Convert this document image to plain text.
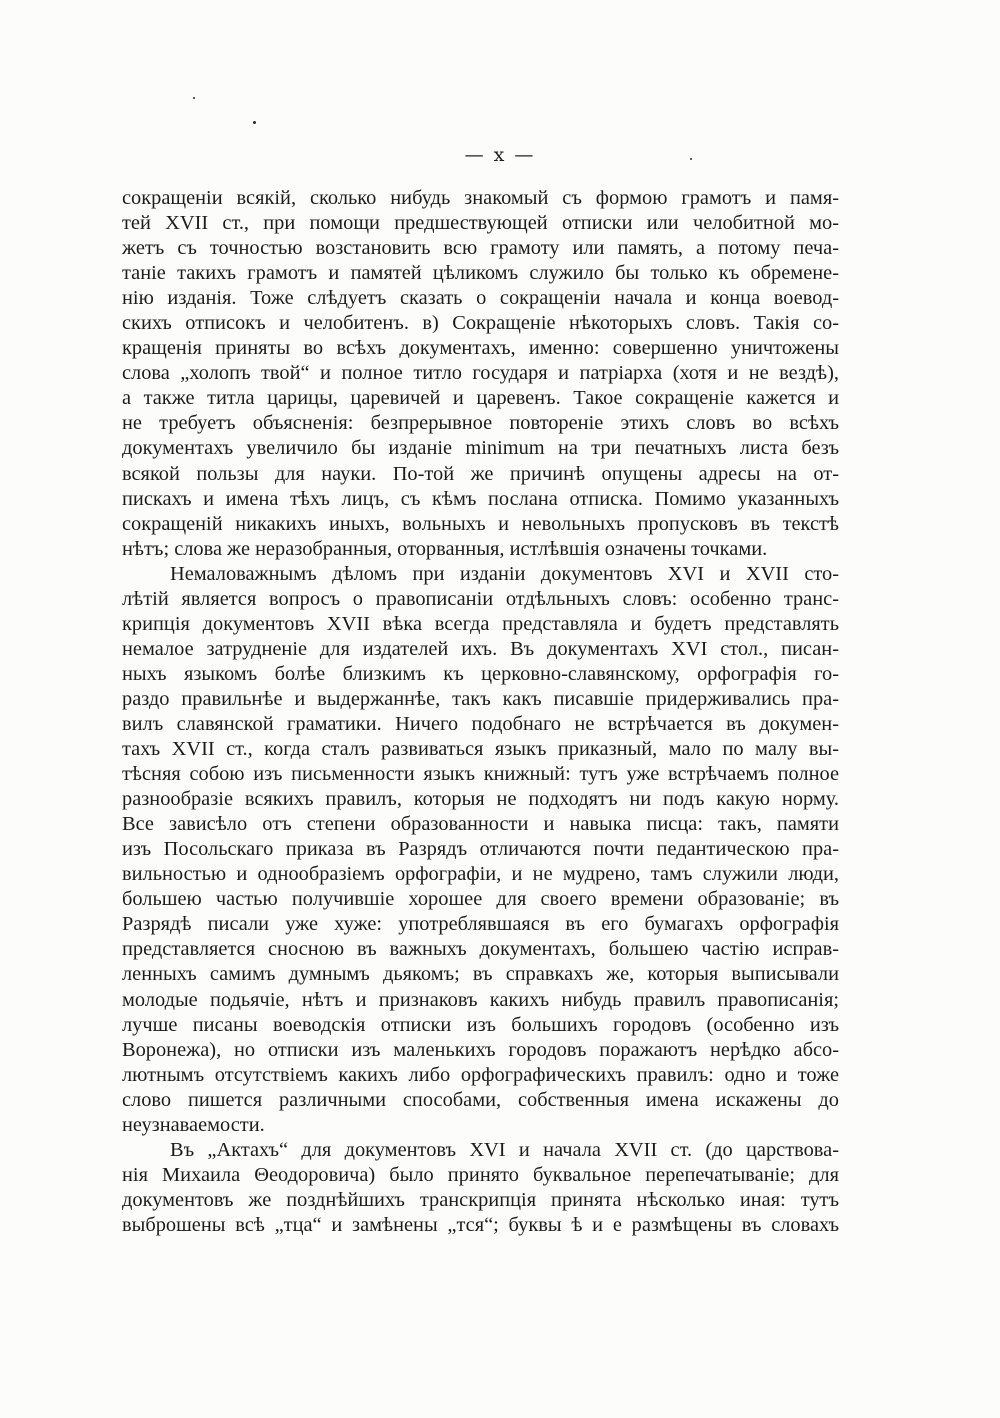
— x —

сокращеніи всякій, сколько нибудь знакомый съ формою грамотъ и памя-

тей XVII ст., при помощи предшествующей отписки или челобитной мо-

жетъ съ точностью возстановить всю грамоту или память, а потому печа-

таніе такихъ грамотъ и памятей цѣликомъ служило бы только къ обремене-

нію изданія. Тоже слѣдуетъ сказать о сокращеніи начала и конца воевод-

скихъ отписокъ и челобитенъ. в) Сокращеніе нѣкоторыхъ словъ. Такія со-

кращенія приняты во всѣхъ документахъ, именно: совершенно уничтожены

слова „холопъ твой“ и полное титло государя и патріарха (хотя и не вездѣ),

а также титла царицы, царевичей и царевенъ. Такое сокращеніе кажется и

не требуетъ объясненія: безпрерывное повтореніе этихъ словъ во всѣхъ

документахъ увеличило бы изданіе minimum на три печатныхъ листа безъ

всякой пользы для науки. По-той же причинѣ опущены адресы на от-

пискахъ и имена тѣхъ лицъ, съ кѣмъ послана отписка. Помимо указанныхъ

сокращеній никакихъ иныхъ, вольныхъ и невольныхъ пропусковъ въ текстѣ

нѣтъ; слова же неразобранныя, оторванныя, истлѣвшія означены точками.

Немаловажнымъ дѣломъ при изданіи документовъ XVI и XVII сто-

лѣтій является вопросъ о правописаніи отдѣльныхъ словъ: особенно транс-

крипція документовъ XVII вѣка всегда представляла и будетъ представлять

немалое затрудненіе для издателей ихъ. Въ документахъ XVI стол., писан-

ныхъ языкомъ болѣе близкимъ къ церковно-славянскому, орфографія го-

раздо правильнѣе и выдержаннѣе, такъ какъ писавшіе придерживались пра-

вилъ славянской граматики. Ничего подобнаго не встрѣчается въ докумен-

тахъ XVII ст., когда сталъ развиваться языкъ приказный, мало по малу вы-

тѣсняя собою изъ письменности языкъ книжный: тутъ уже встрѣчаемъ полное

разнообразіе всякихъ правилъ, которыя не подходятъ ни подъ какую норму.

Все зависѣло отъ степени образованности и навыка писца: такъ, памяти

изъ Посольскаго приказа въ Разрядъ отличаются почти педантическою пра-

вильностью и однообразіемъ орфографіи, и не мудрено, тамъ служили люди,

большею частью получившіе хорошее для своего времени образованіе; въ

Разрядѣ писали уже хуже: употреблявшаяся въ его бумагахъ орфографія

представляется сносною въ важныхъ документахъ, большею частію исправ-

ленныхъ самимъ думнымъ дьякомъ; въ справкахъ же, которыя выписывали

молодые подьячіе, нѣтъ и признаковъ какихъ нибудь правилъ правописанія;

лучше писаны воеводскія отписки изъ большихъ городовъ (особенно изъ

Воронежа), но отписки изъ маленькихъ городовъ поражаютъ нерѣдко абсо-

лютнымъ отсутствіемъ какихъ либо орфографическихъ правилъ: одно и тоже

слово пишется различными способами, собственныя имена искажены до

неузнаваемости.

Въ „Актахъ“ для документовъ XVI и начала XVII ст. (до царствова-

нія Михаила Θеодоровича) было принято буквальное перепечатываніе; для

документовъ же позднѣйшихъ транскрипція принята нѣсколько иная: тутъ

выброшены всѣ „тца“ и замѣнены „тся“; буквы ѣ и е размѣщены въ словахъ
